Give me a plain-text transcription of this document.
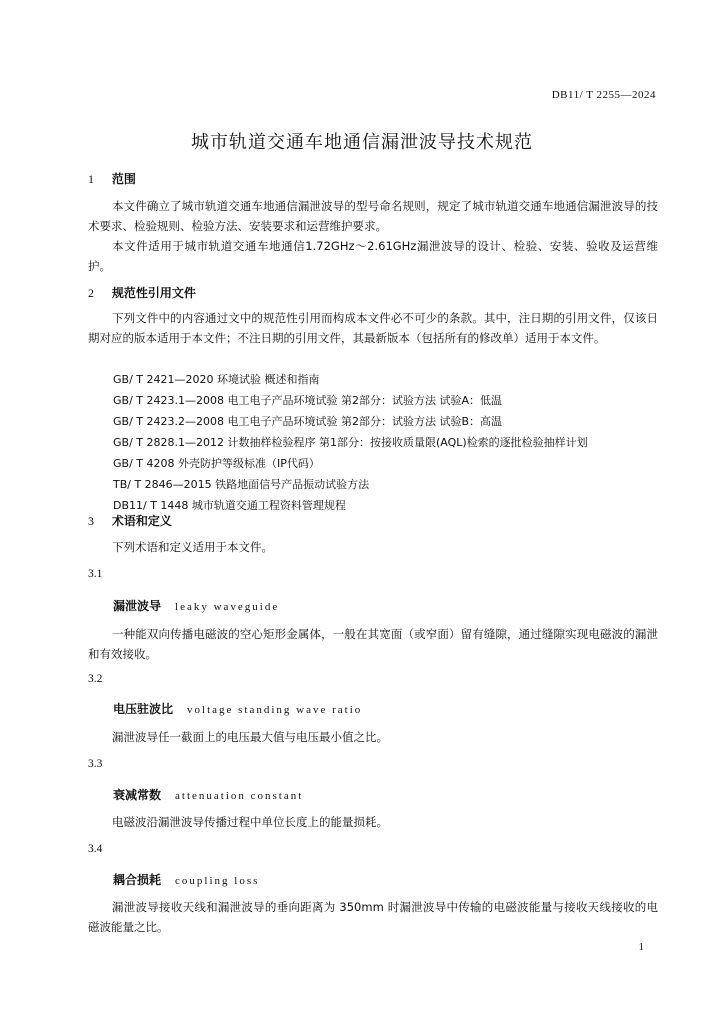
DB11/ T 2255—2024
城市轨道交通车地通信漏泄波导技术规范
1 范围
本文件确立了城市轨道交通车地通信漏泄波导的型号命名规则，规定了城市轨道交通车地通信漏泄波导的技术要求、检验规则、检验方法、安装要求和运营维护要求。
本文件适用于城市轨道交通车地通信1.72GHz～2.61GHz漏泄波导的设计、检验、安装、验收及运营维护。
2 规范性引用文件
下列文件中的内容通过文中的规范性引用而构成本文件必不可少的条款。其中，注日期的引用文件，仅该日期对应的版本适用于本文件；不注日期的引用文件，其最新版本（包括所有的修改单）适用于本文件。
GB/ T 2421—2020 环境试验 概述和指南
GB/ T 2423.1—2008 电工电子产品环境试验 第2部分：试验方法 试验A：低温
GB/ T 2423.2—2008 电工电子产品环境试验 第2部分：试验方法 试验B：高温
GB/ T 2828.1—2012 计数抽样检验程序 第1部分：按接收质量限(AQL)检索的逐批检验抽样计划
GB/ T 4208 外壳防护等级标准（IP代码）
TB/ T 2846—2015 铁路地面信号产品振动试验方法
DB11/ T 1448 城市轨道交通工程资料管理规程
3 术语和定义
下列术语和定义适用于本文件。
3.1
漏泄波导 leaky waveguide
一种能双向传播电磁波的空心矩形金属体，一般在其宽面（或窄面）留有缝隙，通过缝隙实现电磁波的漏泄和有效接收。
3.2
电压驻波比 voltage standing wave ratio
漏泄波导任一截面上的电压最大值与电压最小值之比。
3.3
衰减常数 attenuation constant
电磁波沿漏泄波导传播过程中单位长度上的能量损耗。
3.4
耦合损耗 coupling loss
漏泄波导接收天线和漏泄波导的垂向距离为 350mm 时漏泄波导中传输的电磁波能量与接收天线接收的电磁波能量之比。
1
